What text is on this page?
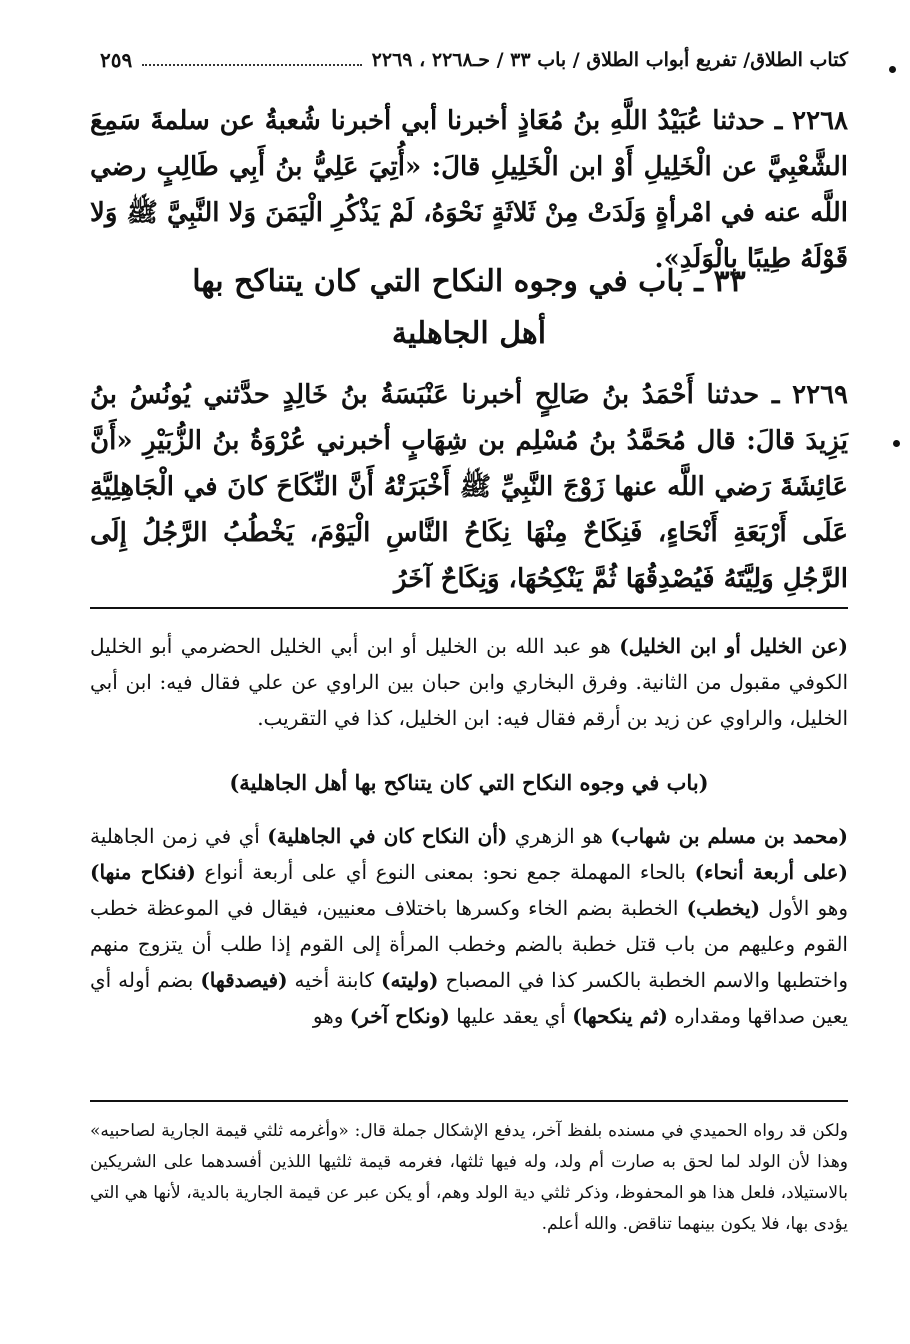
كتاب الطلاق/ تفريع أبواب الطلاق / باب ٣٣ / حـ٢٢٦٨ ، ٢٢٦٩
٢٥٩
٢٢٦٨ ـ حدثنا عُبَيْدُ اللَّهِ بنُ مُعَاذٍ أخبرنا أبي أخبرنا شُعبةُ عن سلمةَ سَمِعَ الشَّعْبِيَّ عن الْخَلِيلِ أَوْ ابن الْخَلِيلِ قالَ: «أُتِيَ عَلِيُّ بنُ أَبِي طَالِبٍ رضي اللَّه عنه في امْرأةٍ وَلَدَتْ مِنْ ثَلاثَةٍ نَحْوَهُ، لَمْ يَذْكُرِ الْيَمَنَ وَلا النَّبِيَّ ﷺ وَلا قَوْلَهُ طِيبًا بِالْوَلَدِ».
٣٣ ـ باب في وجوه النكاح التي كان يتناكح بها
أهل الجاهلية
٢٢٦٩ ـ حدثنا أَحْمَدُ بنُ صَالِحٍ أخبرنا عَنْبَسَةُ بنُ خَالِدٍ حدَّثني يُونُسُ بنُ يَزِيدَ قالَ: قال مُحَمَّدُ بنُ مُسْلِم بن شِهَابٍ أخبرني عُرْوَةُ بنُ الزُّبَيْرِ «أَنَّ عَائِشَةَ رَضي اللَّه عنها زَوْجَ النَّبِيِّ ﷺ أَخْبَرَتْهُ أَنَّ النِّكَاحَ كانَ في الْجَاهِلِيَّةِ عَلَى أَرْبَعَةِ أَنْحَاءٍ، فَنِكَاحٌ مِنْهَا نِكَاحُ النَّاسِ الْيَوْمَ، يَخْطُبُ الرَّجُلُ إِلَى الرَّجُلِ وَلِيَّتَهُ فَيُصْدِقُهَا ثُمَّ يَنْكِحُهَا، وَنِكَاحٌ آخَرُ
(عن الخليل أو ابن الخليل) هو عبد الله بن الخليل أو ابن أبي الخليل الحضرمي أبو الخليل الكوفي مقبول من الثانية. وفرق البخاري وابن حبان بين الراوي عن علي فقال فيه: ابن أبي الخليل، والراوي عن زيد بن أرقم فقال فيه: ابن الخليل، كذا في التقريب.
(باب في وجوه النكاح التي كان يتناكح بها أهل الجاهلية)
(محمد بن مسلم بن شهاب) هو الزهري (أن النكاح كان في الجاهلية) أي في زمن الجاهلية (على أربعة أنحاء) بالحاء المهملة جمع نحو: بمعنى النوع أي على أربعة أنواع (فنكاح منها) وهو الأول (يخطب) الخطبة بضم الخاء وكسرها باختلاف معنيين، فيقال في الموعظة خطب القوم وعليهم من باب قتل خطبة بالضم وخطب المرأة إلى القوم إذا طلب أن يتزوج منهم واختطبها والاسم الخطبة بالكسر كذا في المصباح (وليته) كابنة أخيه (فيصدقها) بضم أوله أي يعين صداقها ومقداره (ثم ينكحها) أي يعقد عليها (ونكاح آخر) وهو
ولكن قد رواه الحميدي في مسنده بلفظ آخر، يدفع الإشكال جملة قال: «وأغرمه ثلثي قيمة الجارية لصاحبيه» وهذا لأن الولد لما لحق به صارت أم ولد، وله فيها ثلثها، فغرمه قيمة ثلثيها اللذين أفسدهما على الشريكين بالاستيلاد، فلعل هذا هو المحفوظ، وذكر ثلثي دية الولد وهم، أو يكن عبر عن قيمة الجارية بالدية، لأنها هي التي يؤدى بها، فلا يكون بينهما تناقض. والله أعلم.
